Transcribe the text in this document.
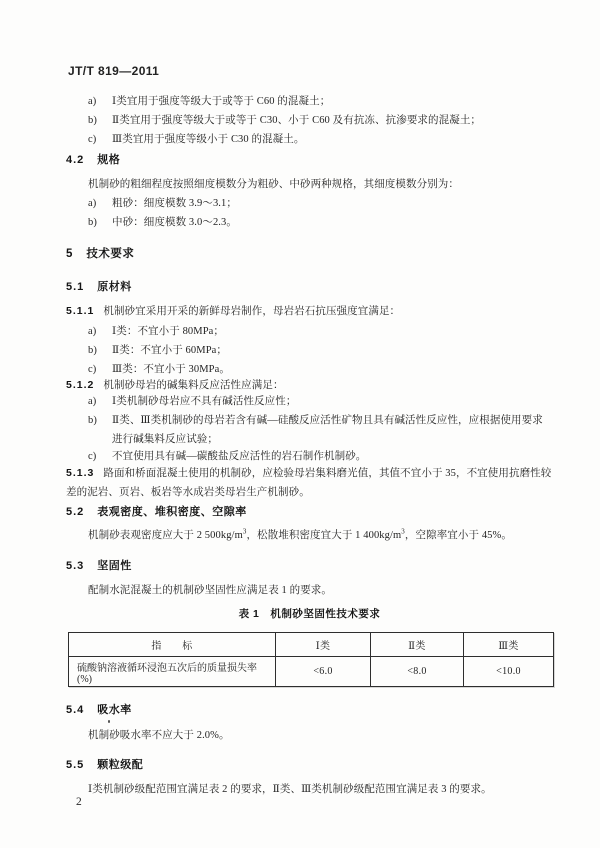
JT/T 819—2011
a) Ⅰ类宜用于强度等级大于或等于 C60 的混凝土；
b) Ⅱ类宜用于强度等级大于或等于 C30、小于 C60 及有抗冻、抗渗要求的混凝土；
c) Ⅲ类宜用于强度等级小于 C30 的混凝土。
4.2 规格
机制砂的粗细程度按照细度模数分为粗砂、中砂两种规格，其细度模数分别为：
a) 粗砂：细度模数 3.9～3.1；
b) 中砂：细度模数 3.0～2.3。
5 技术要求
5.1 原材料
5.1.1 机制砂宜采用开采的新鲜母岩制作，母岩岩石抗压强度宜满足：
a) Ⅰ类：不宜小于 80MPa；
b) Ⅱ类：不宜小于 60MPa；
c) Ⅲ类：不宜小于 30MPa。
5.1.2 机制砂母岩的碱集料反应活性应满足：
a) Ⅰ类机制砂母岩应不具有碱活性反应性；
b) Ⅱ类、Ⅲ类机制砂的母岩若含有碱—硅酸反应活性矿物且具有碱活性反应性，应根据使用要求
进行碱集料反应试验；
c) 不宜使用具有碱—碳酸盐反应活性的岩石制作机制砂。
5.1.3 路面和桥面混凝土使用的机制砂，应检验母岩集料磨光值，其值不宜小于 35，不宜使用抗磨性较
差的泥岩、页岩、板岩等水成岩类母岩生产机制砂。
5.2 表观密度、堆积密度、空隙率
机制砂表观密度应大于 2 $500kg/m^3$，松散堆积密度宜大于 1 $400kg/m^3$，空隙率宜小于 45%。
5.3 坚固性
配制水泥混凝土的机制砂坚固性应满足表 1 的要求。
表 1　机制砂坚固性技术要求
指　　标	Ⅰ类	Ⅱ类	Ⅲ类
硫酸钠溶液循环浸泡五次后的质量损失率(%)	<6.0	<8.0	<10.0
5.4 吸水率
机制砂吸水率不应大于 2.0%。
5.5 颗粒级配
Ⅰ类机制砂级配范围宜满足表 2 的要求，Ⅱ类、Ⅲ类机制砂级配范围宜满足表 3 的要求。
2
